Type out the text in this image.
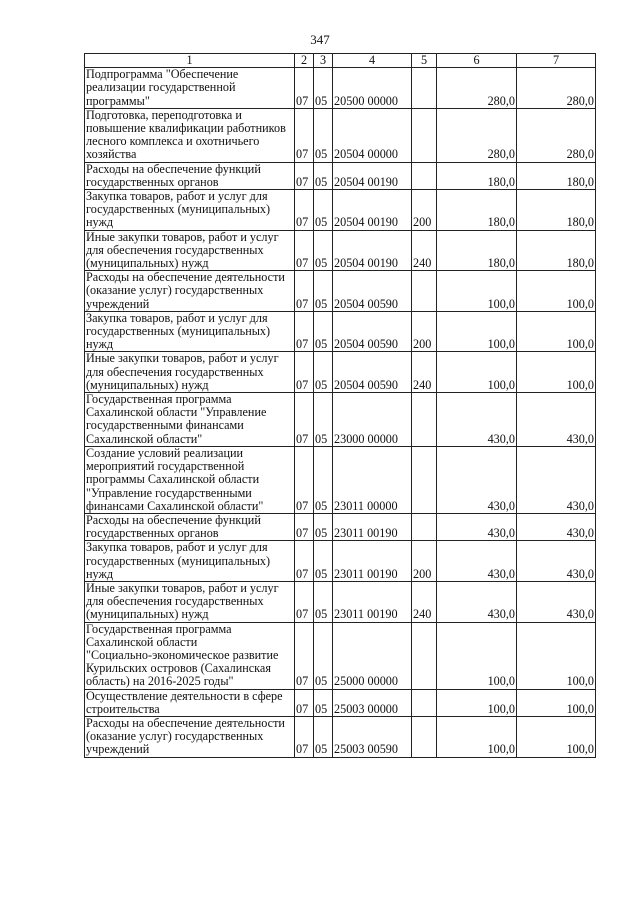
347
1	2	3	4	5	6	7
Подпрограмма "Обеспечение
реализации государственной
программы"	07	05	20500 00000		280,0	280,0
Подготовка, переподготовка и
повышение квалификации работников
лесного комплекса и охотничьего
хозяйства	07	05	20504 00000		280,0	280,0
Расходы на обеспечение функций
государственных органов	07	05	20504 00190		180,0	180,0
Закупка товаров, работ и услуг для
государственных (муниципальных)
нужд	07	05	20504 00190	200	180,0	180,0
Иные закупки товаров, работ и услуг
для обеспечения государственных
(муниципальных) нужд	07	05	20504 00190	240	180,0	180,0
Расходы на обеспечение деятельности
(оказание услуг) государственных
учреждений	07	05	20504 00590		100,0	100,0
Закупка товаров, работ и услуг для
государственных (муниципальных)
нужд	07	05	20504 00590	200	100,0	100,0
Иные закупки товаров, работ и услуг
для обеспечения государственных
(муниципальных) нужд	07	05	20504 00590	240	100,0	100,0
Государственная программа
Сахалинской области "Управление
государственными финансами
Сахалинской области"	07	05	23000 00000		430,0	430,0
Создание условий реализации
мероприятий государственной
программы Сахалинской области
"Управление государственными
финансами Сахалинской области"	07	05	23011 00000		430,0	430,0
Расходы на обеспечение функций
государственных органов	07	05	23011 00190		430,0	430,0
Закупка товаров, работ и услуг для
государственных (муниципальных)
нужд	07	05	23011 00190	200	430,0	430,0
Иные закупки товаров, работ и услуг
для обеспечения государственных
(муниципальных) нужд	07	05	23011 00190	240	430,0	430,0
Государственная программа
Сахалинской области
"Социально-экономическое развитие
Курильских островов (Сахалинская
область) на 2016-2025 годы"	07	05	25000 00000		100,0	100,0
Осуществление деятельности в сфере
строительства	07	05	25003 00000		100,0	100,0
Расходы на обеспечение деятельности
(оказание услуг) государственных
учреждений	07	05	25003 00590		100,0	100,0
